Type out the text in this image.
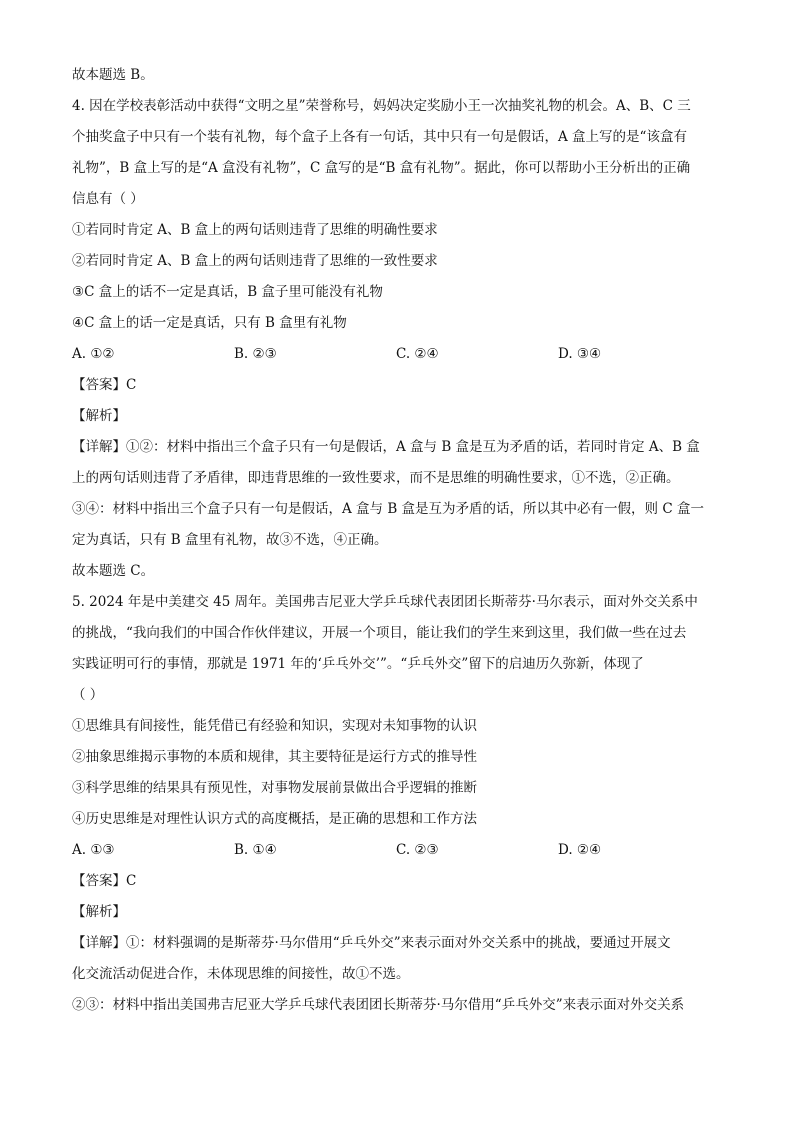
故本题选 B。
4. 因在学校表彰活动中获得“文明之星”荣誉称号，妈妈决定奖励小王一次抽奖礼物的机会。A、B、C 三
个抽奖盒子中只有一个装有礼物，每个盒子上各有一句话，其中只有一句是假话，A 盒上写的是“该盒有
礼物”，B 盒上写的是“A 盒没有礼物”，C 盒写的是“B 盒有礼物”。据此，你可以帮助小王分析出的正确
信息有（ ）
①若同时肯定 A、B 盒上的两句话则违背了思维的明确性要求
②若同时肯定 A、B 盒上的两句话则违背了思维的一致性要求
③C 盒上的话不一定是真话，B 盒子里可能没有礼物
④C 盒上的话一定是真话，只有 B 盒里有礼物
A. ①②	B. ②③	C. ②④	D. ③④
【答案】C
【解析】
【详解】①②：材料中指出三个盒子只有一句是假话，A 盒与 B 盒是互为矛盾的话，若同时肯定 A、B 盒
上的两句话则违背了矛盾律，即违背思维的一致性要求，而不是思维的明确性要求，①不选，②正确。
③④：材料中指出三个盒子只有一句是假话，A 盒与 B 盒是互为矛盾的话，所以其中必有一假，则 C 盒一
定为真话，只有 B 盒里有礼物，故③不选，④正确。
故本题选 C。
5. 2024 年是中美建交 45 周年。美国弗吉尼亚大学乒乓球代表团团长斯蒂芬·马尔表示，面对外交关系中
的挑战，“我向我们的中国合作伙伴建议，开展一个项目，能让我们的学生来到这里，我们做一些在过去
实践证明可行的事情，那就是 1971 年的‘乒乓外交’”。“乒乓外交”留下的启迪历久弥新，体现了
（ ）
①思维具有间接性，能凭借已有经验和知识，实现对未知事物的认识
②抽象思维揭示事物的本质和规律，其主要特征是运行方式的推导性
③科学思维的结果具有预见性，对事物发展前景做出合乎逻辑的推断
④历史思维是对理性认识方式的高度概括，是正确的思想和工作方法
A. ①③	B. ①④	C. ②③	D. ②④
【答案】C
【解析】
【详解】①：材料强调的是斯蒂芬·马尔借用“乒乓外交”来表示面对外交关系中的挑战，要通过开展文
化交流活动促进合作，未体现思维的间接性，故①不选。
②③：材料中指出美国弗吉尼亚大学乒乓球代表团团长斯蒂芬·马尔借用“乒乓外交”来表示面对外交关系
